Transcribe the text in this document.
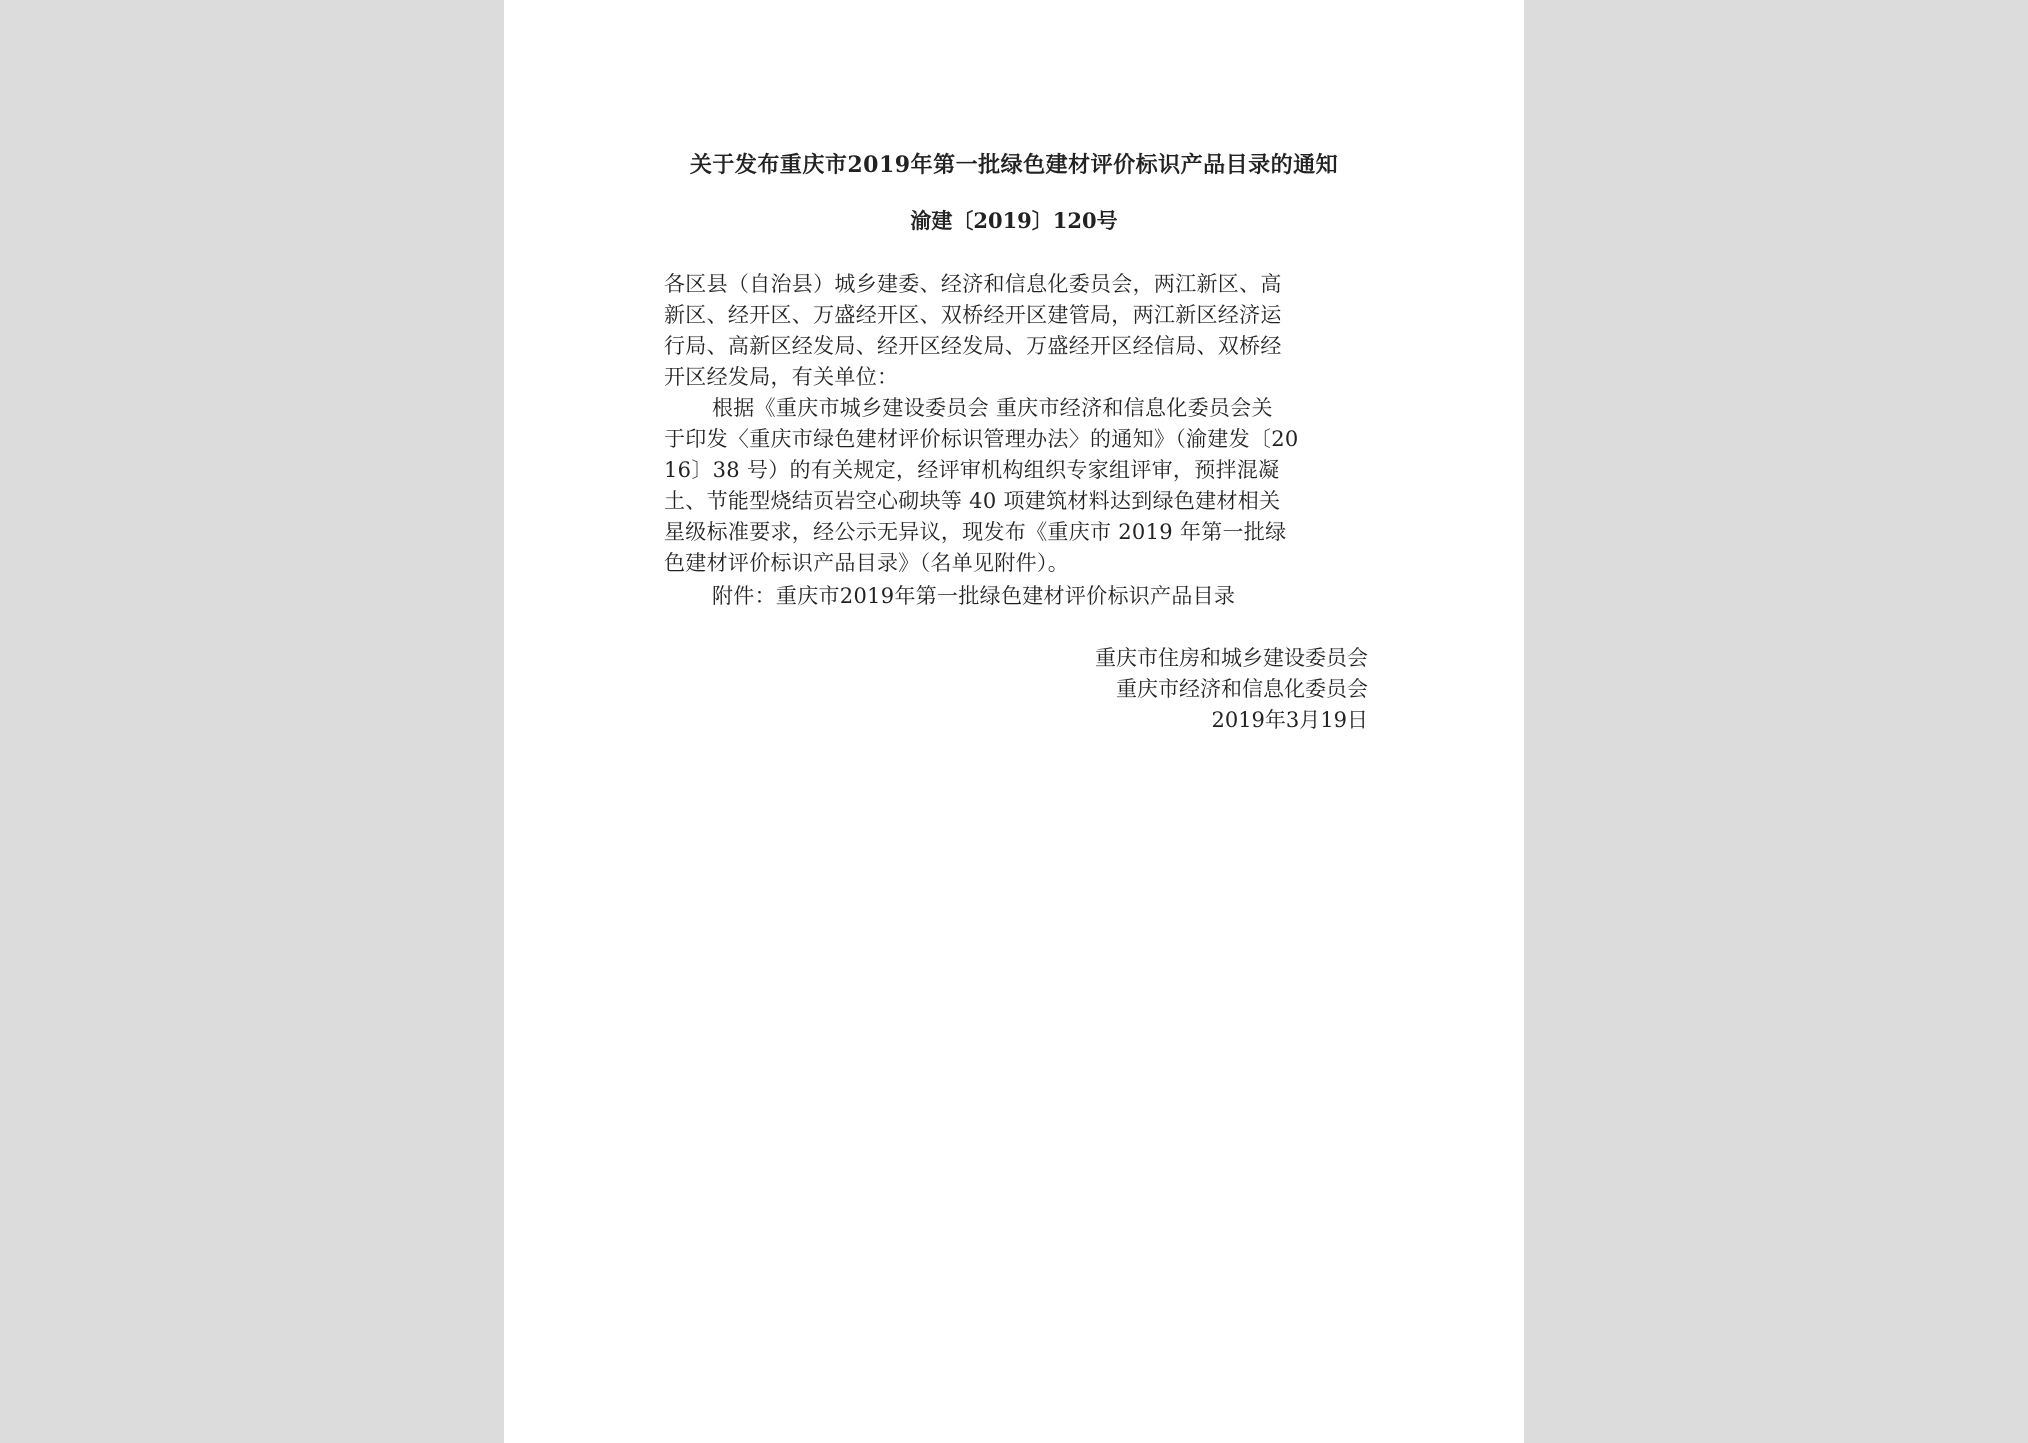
关于发布重庆市2019年第一批绿色建材评价标识产品目录的通知
渝建〔2019〕120号
各区县（自治县）城乡建委、经济和信息化委员会，两江新区、高
新区、经开区、万盛经开区、双桥经开区建管局，两江新区经济运
行局、高新区经发局、经开区经发局、万盛经开区经信局、双桥经
开区经发局，有关单位：
根据《重庆市城乡建设委员会 重庆市经济和信息化委员会关
于印发〈重庆市绿色建材评价标识管理办法〉的通知》（渝建发〔20
16〕38 号）的有关规定，经评审机构组织专家组评审，预拌混凝
土、节能型烧结页岩空心砌块等 40 项建筑材料达到绿色建材相关
星级标准要求，经公示无异议，现发布《重庆市 2019 年第一批绿
色建材评价标识产品目录》（名单见附件）。
附件：重庆市2019年第一批绿色建材评价标识产品目录
重庆市住房和城乡建设委员会
重庆市经济和信息化委员会
2019年3月19日
